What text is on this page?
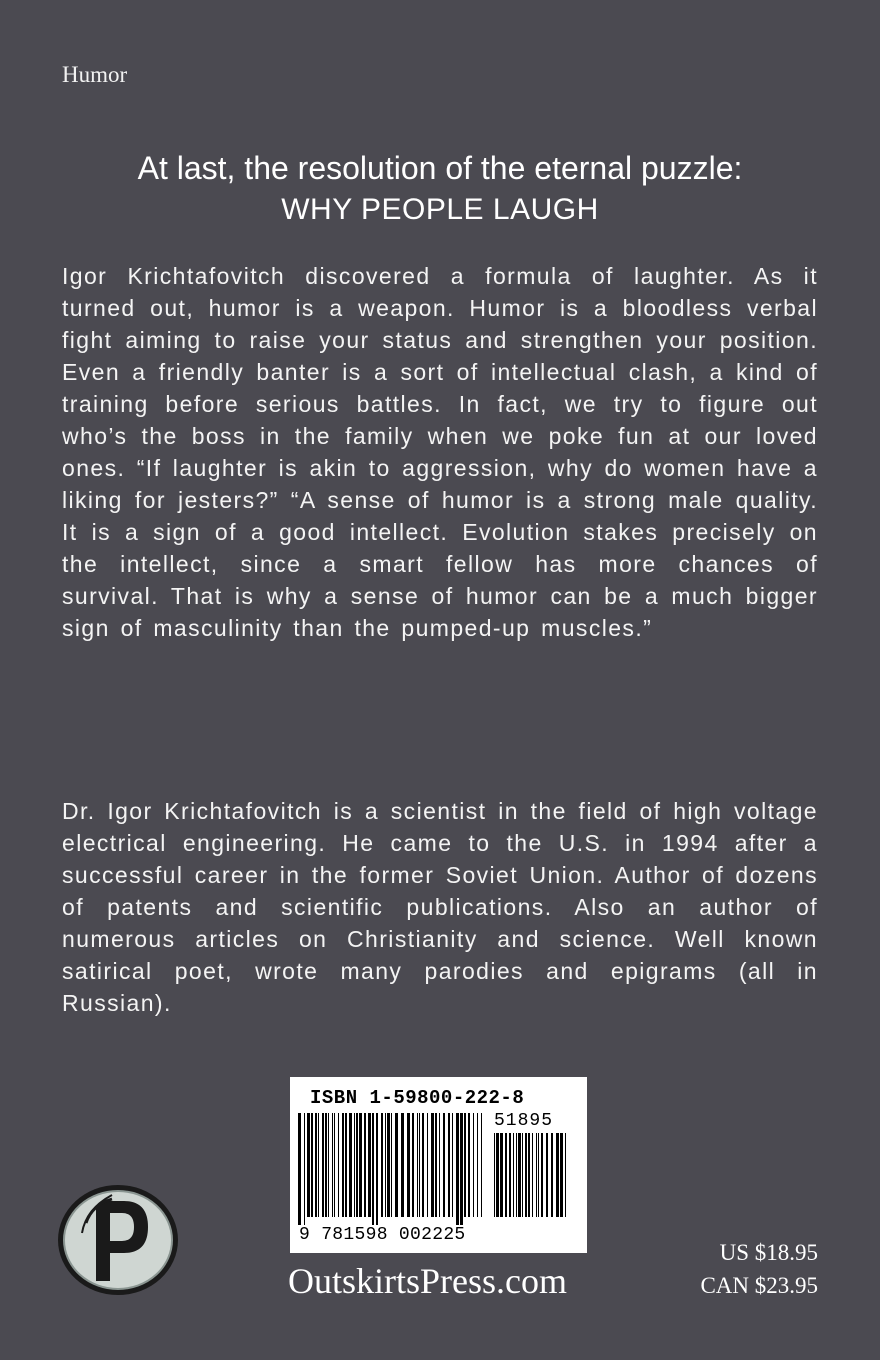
Humor
At last, the resolution of the eternal puzzle:
WHY PEOPLE LAUGH

Igor Krichtafovitch discovered a formula of laughter. As it turned out, humor is a weapon. Humor is a bloodless verbal fight aiming to raise your status and strengthen your position. Even a friendly banter is a sort of intellectual clash, a kind of training before serious battles. In fact, we try to figure out who’s the boss in the family when we poke fun at our loved ones. “If laughter is akin to aggression, why do women have a liking for jesters?” “A sense of humor is a strong male quality. It is a sign of a good intellect. Evolution stakes precisely on the intellect, since a smart fellow has more chances of survival. That is why a sense of humor can be a much bigger sign of masculinity than the pumped-up muscles.”

Dr. Igor Krichtafovitch is a scientist in the field of high voltage electrical engineering. He came to the U.S. in 1994 after a successful career in the former Soviet Union. Author of dozens of patents and scientific publications. Also an author of numerous articles on Christianity and science. Well known satirical poet, wrote many parodies and epigrams (all in Russian).

ISBN 1-59800-222-8
51895
9 781598 002225
OutskirtsPress.com
US $18.95
CAN $23.95
